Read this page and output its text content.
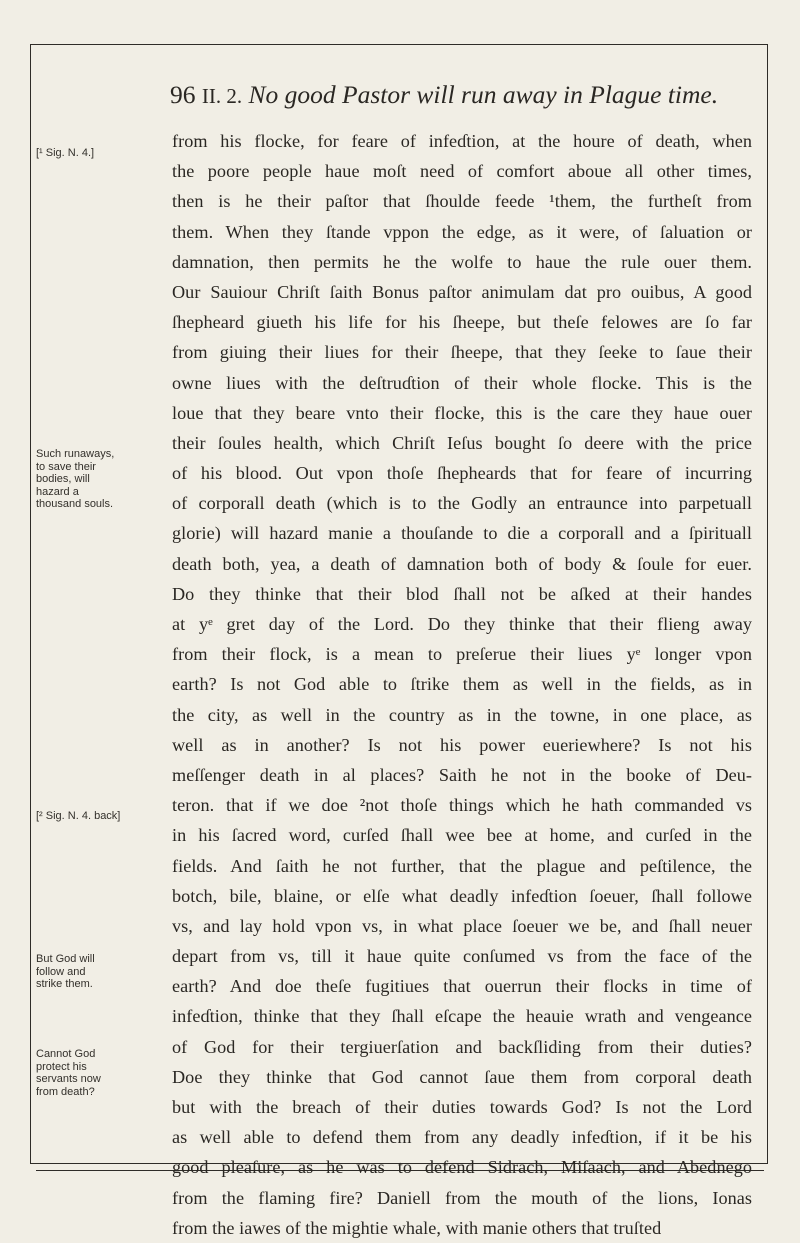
96 II. 2. No good Pastor will run away in Plague time.
[¹ Sig. N. 4.]
Such runaways,
to save their
bodies, will
hazard a
thousand souls.
[² Sig. N. 4. back]
But God will
follow and
strike them.
Cannot God
protect his
servants now
from death?
from his flocke, for feare of infeɗtion, at the houre of death, when
the poore people haue moſt need of comfort aboue all other times,
then is he their paſtor that ſhoulde feede ¹them, the furtheſt from
them. When they ſtande vppon the edge, as it were, of ſaluation or
damnation, then permits he the wolfe to haue the rule ouer them.
Our Sauiour Chriſt ſaith Bonus paſtor animulam dat pro ouibus, A good
ſhepheard giueth his life for his ſheepe, but theſe felowes are ſo far
from giuing their liues for their ſheepe, that they ſeeke to ſaue their
owne liues with the deſtruɗtion of their whole flocke. This is the
loue that they beare vnto their flocke, this is the care they haue ouer
their ſoules health, which Chriſt Ieſus bought ſo deere with the price
of his blood. Out vpon thoſe ſhepheards that for feare of incurring
of corporall death (which is to the Godly an entraunce into parpetuall
glorie) will hazard manie a thouſande to die a corporall and a ſpirituall
death both, yea, a death of damnation both of body & ſoule for euer.
Do they thinke that their blod ſhall not be aſked at their handes
at yᵉ gret day of the Lord. Do they thinke that their flieng away
from their flock, is a mean to preſerue their liues yᵉ longer vpon
earth? Is not God able to ſtrike them as well in the fields, as in
the city, as well in the country as in the towne, in one place, as
well as in another? Is not his power eueriewhere? Is not his
meſſenger death in al places? Saith he not in the booke of Deu-
teron. that if we doe ²not thoſe things which he hath commanded vs
in his ſacred word, curſed ſhall wee bee at home, and curſed in the
fields. And ſaith he not further, that the plague and peſtilence, the
botch, bile, blaine, or elſe what deadly infeɗtion ſoeuer, ſhall followe
vs, and lay hold vpon vs, in what place ſoeuer we be, and ſhall neuer
depart from vs, till it haue quite conſumed vs from the face of the
earth? And doe theſe fugitiues that ouerrun their flocks in time of
infeɗtion, thinke that they ſhall eſcape the heauie wrath and vengeance
of God for their tergiuerſation and backſliding from their duties?
Doe they thinke that God cannot ſaue them from corporal death
but with the breach of their duties towards God? Is not the Lord
as well able to defend them from any deadly infeɗtion, if it be his
good pleaſure, as he was to defend Sidrach, Miſaach, and Abednego
from the flaming fire? Daniell from the mouth of the lions, Ionas
from the iawes of the mightie whale, with manie others that truſted
